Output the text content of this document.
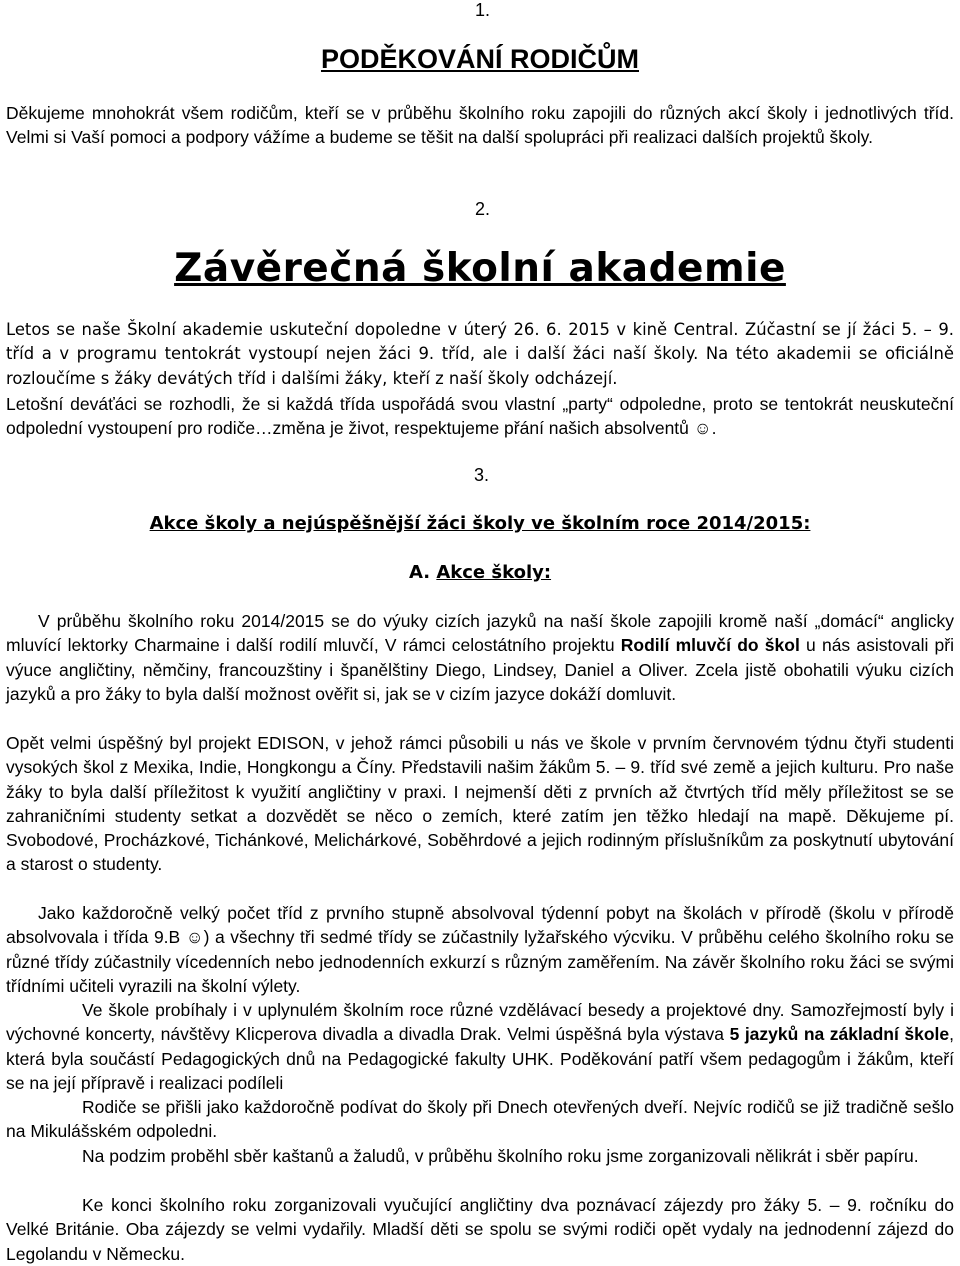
1.
PODĚKOVÁNÍ RODIČŮM

Děkujeme mnohokrát všem rodičům, kteří se v průběhu školního roku zapojili do různých akcí školy i jednotlivých tříd. Velmi si Vaší pomoci a podpory vážíme a budeme se těšit na další spolupráci při realizaci dalších projektů školy.

2.
Závěrečná školní akademie

Letos se naše Školní akademie uskuteční dopoledne v úterý 26. 6. 2015 v kině Central. Zúčastní se jí žáci 5. – 9. tříd a v programu tentokrát vystoupí nejen žáci 9. tříd, ale i další žáci naší školy. Na této akademii se oficiálně rozloučíme s žáky devátých tříd i dalšími žáky, kteří z naší školy odcházejí.

Letošní deváťáci se rozhodli, že si každá třída uspořádá svou vlastní „party“ odpoledne, proto se tentokrát neuskuteční odpolední vystoupení pro rodiče…změna je život, respektujeme přání našich absolventů ☺.

3.
Akce školy a nejúspěšnější žáci školy ve školním roce 2014/2015:
A. Akce školy:

V průběhu školního roku 2014/2015 se do výuky cizích jazyků na naší škole zapojili kromě naší „domácí“ anglicky mluvící lektorky Charmaine i další rodilí mluvčí, V rámci celostátního projektu Rodilí mluvčí do škol u nás asistovali při výuce angličtiny, němčiny, francouzštiny i španělštiny Diego, Lindsey, Daniel a Oliver. Zcela jistě obohatili výuku cizích jazyků a pro žáky to byla další možnost ověřit si, jak se v cizím jazyce dokáží domluvit.

Opět velmi úspěšný byl projekt EDISON, v jehož rámci působili u nás ve škole v prvním červnovém týdnu čtyři studenti vysokých škol z Mexika, Indie, Hongkongu a Číny. Představili našim žákům 5. – 9. tříd své země a jejich kulturu. Pro naše žáky to byla další příležitost k využití angličtiny v praxi. I nejmenší děti z prvních až čtvrtých tříd měly příležitost se se zahraničními studenty setkat a dozvědět se něco o zemích, které zatím jen těžko hledají na mapě. Děkujeme pí. Svobodové, Procházkové, Tichánkové, Melichárkové, Soběhrdové a jejich rodinným příslušníkům za poskytnutí ubytování a starost o studenty.

Jako každoročně velký počet tříd z prvního stupně absolvoval týdenní pobyt na školách v přírodě (školu v přírodě absolvovala i třída 9.B ☺) a všechny tři sedmé třídy se zúčastnily lyžařského výcviku. V průběhu celého školního roku se různé třídy zúčastnily vícedenních nebo jednodenních exkurzí s různým zaměřením. Na závěr školního roku žáci se svými třídními učiteli vyrazili na školní výlety.

Ve škole probíhaly i v uplynulém školním roce různé vzdělávací besedy a projektové dny. Samozřejmostí byly i výchovné koncerty, návštěvy Klicperova divadla a divadla Drak. Velmi úspěšná byla výstava 5 jazyků na základní škole, která byla součástí Pedagogických dnů na Pedagogické fakulty UHK. Poděkování patří všem pedagogům i žákům, kteří se na její přípravě i realizaci podíleli

Rodiče se přišli jako každoročně podívat do školy při Dnech otevřených dveří. Nejvíc rodičů se již tradičně sešlo na Mikulášském odpoledni.

Na podzim proběhl sběr kaštanů a žaludů, v průběhu školního roku jsme zorganizovali nělikrát i sběr papíru.

Ke konci školního roku zorganizovali vyučující angličtiny dva poznávací zájezdy pro žáky 5. – 9. ročníku do Velké Británie. Oba zájezdy se velmi vydařily. Mladší děti se spolu se svými rodiči opět vydaly na jednodenní zájezd do Legolandu v Německu.
